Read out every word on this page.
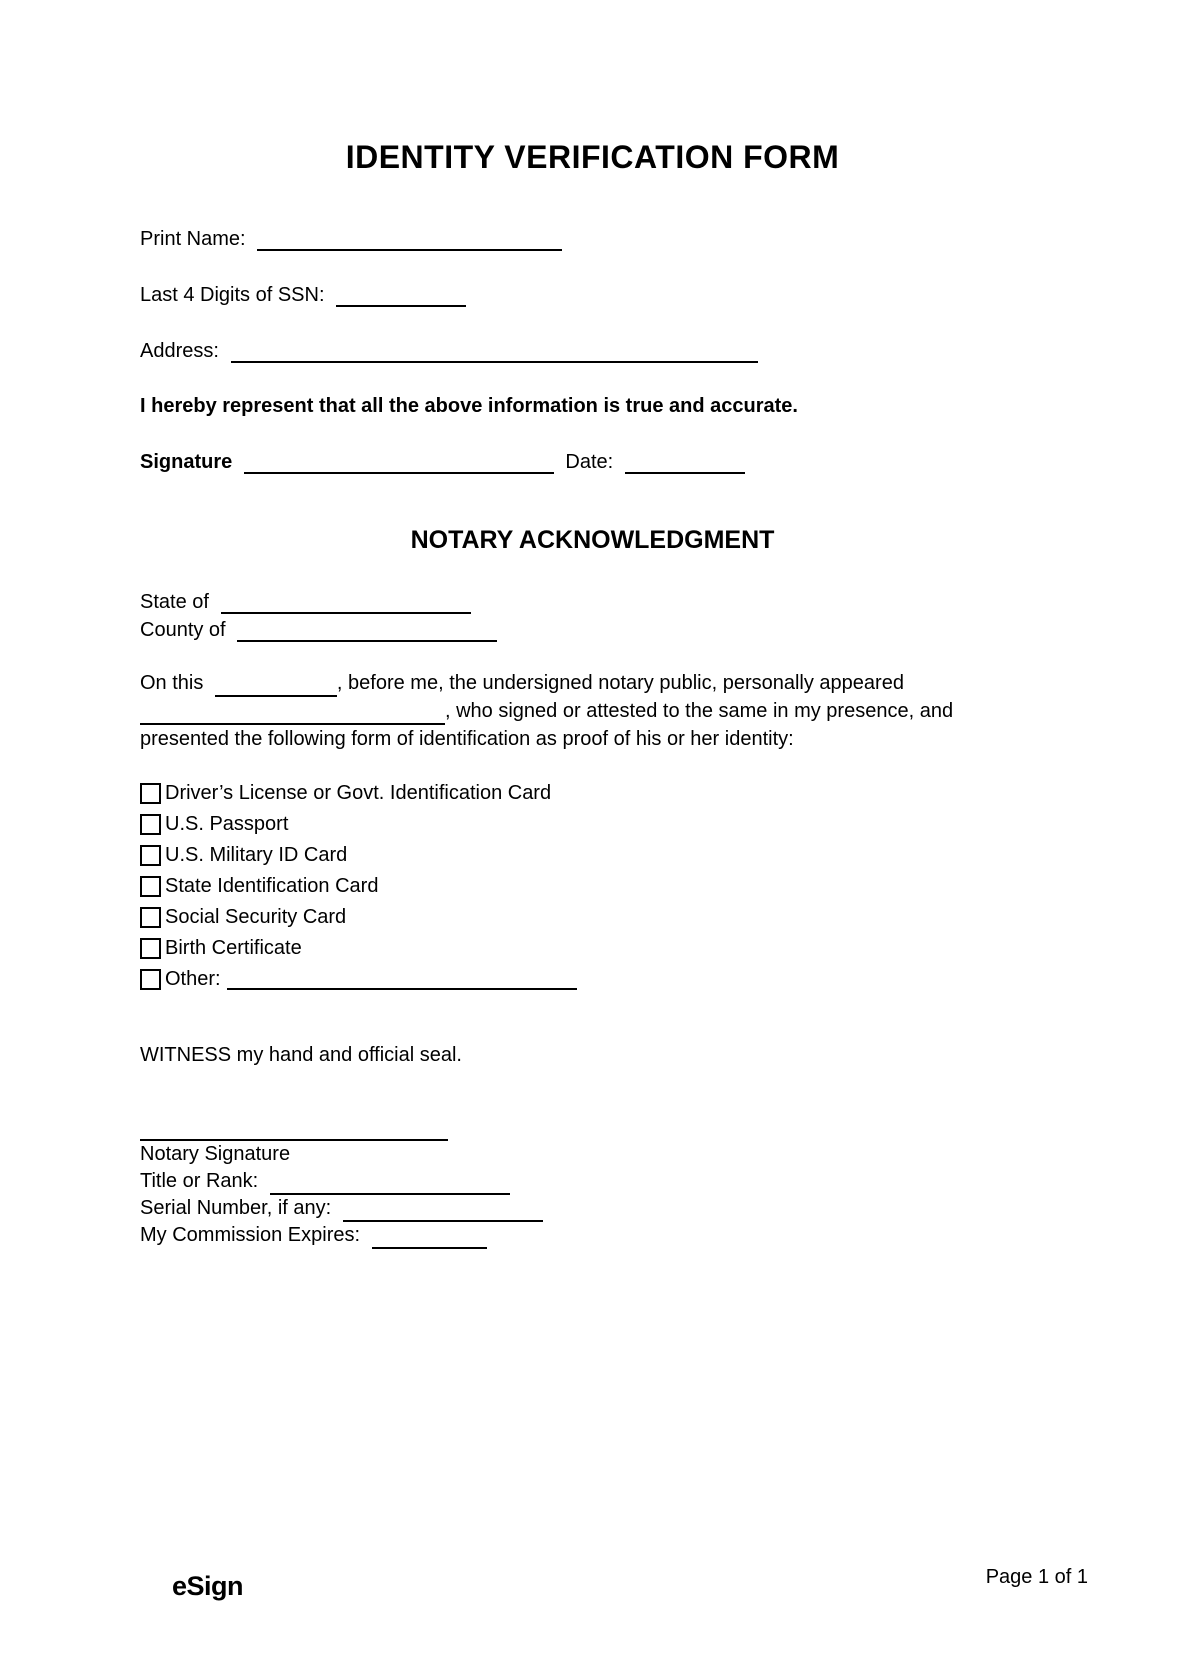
IDENTITY VERIFICATION FORM
Print Name:
Last 4 Digits of SSN:
Address:

I hereby represent that all the above information is true and accurate.

Signature	Date:
NOTARY ACKNOWLEDGMENT
State of
County of

On this	, before me, the undersigned notary public, personally appeared
, who signed or attested to the same in my presence, and presented the following form of identification as proof of his or her identity:

Driver’s License or Govt. Identification Card
U.S. Passport
U.S. Military ID Card
State Identification Card
Social Security Card
Birth Certificate
Other:

WITNESS my hand and official seal.

Notary Signature
Title or Rank:
Serial Number, if any:
My Commission Expires:
eSign	Page 1 of 1
